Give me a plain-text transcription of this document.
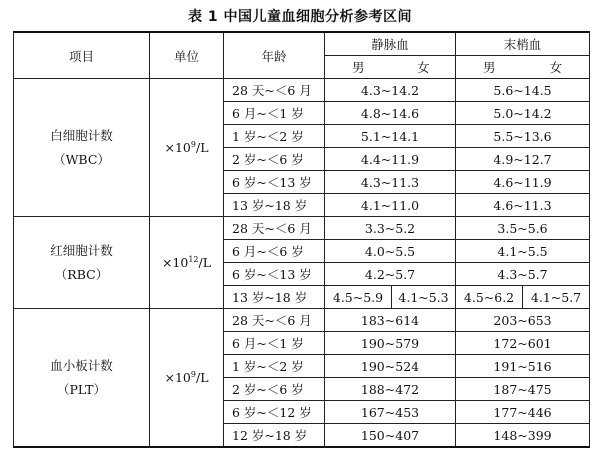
表 1 中国儿童血细胞分析参考区间
项目	单位	年龄	静脉血		末梢血	
			男	女	男	女
白细胞计数
（WBC）	$\times 10^9/L$	28 天~＜6 月	4.3~14.2		5.6~14.5	
		6 月~＜1 岁	4.8~14.6		5.0~14.2	
		1 岁~＜2 岁	5.1~14.1		5.5~13.6	
		2 岁~＜6 岁	4.4~11.9		4.9~12.7	
		6 岁~＜13 岁	4.3~11.3		4.6~11.9	
		13 岁~18 岁	4.1~11.0		4.6~11.3	
红细胞计数
（RBC）	$\times 10^{12}/L$	28 天~＜6 月	3.3~5.2		3.5~5.6	
		6 月~＜6 岁	4.0~5.5		4.1~5.5	
		6 岁~＜13 岁	4.2~5.7		4.3~5.7	
		13 岁~18 岁	4.5~5.9	4.1~5.3	4.5~6.2	4.1~5.7
血小板计数
（PLT）	$\times 10^9/L$	28 天~＜6 月	183~614		203~653	
		6 月~＜1 岁	190~579		172~601	
		1 岁~＜2 岁	190~524		191~516	
		2 岁~＜6 岁	188~472		187~475	
		6 岁~＜12 岁	167~453		177~446	
		12 岁~18 岁	150~407		148~399	
